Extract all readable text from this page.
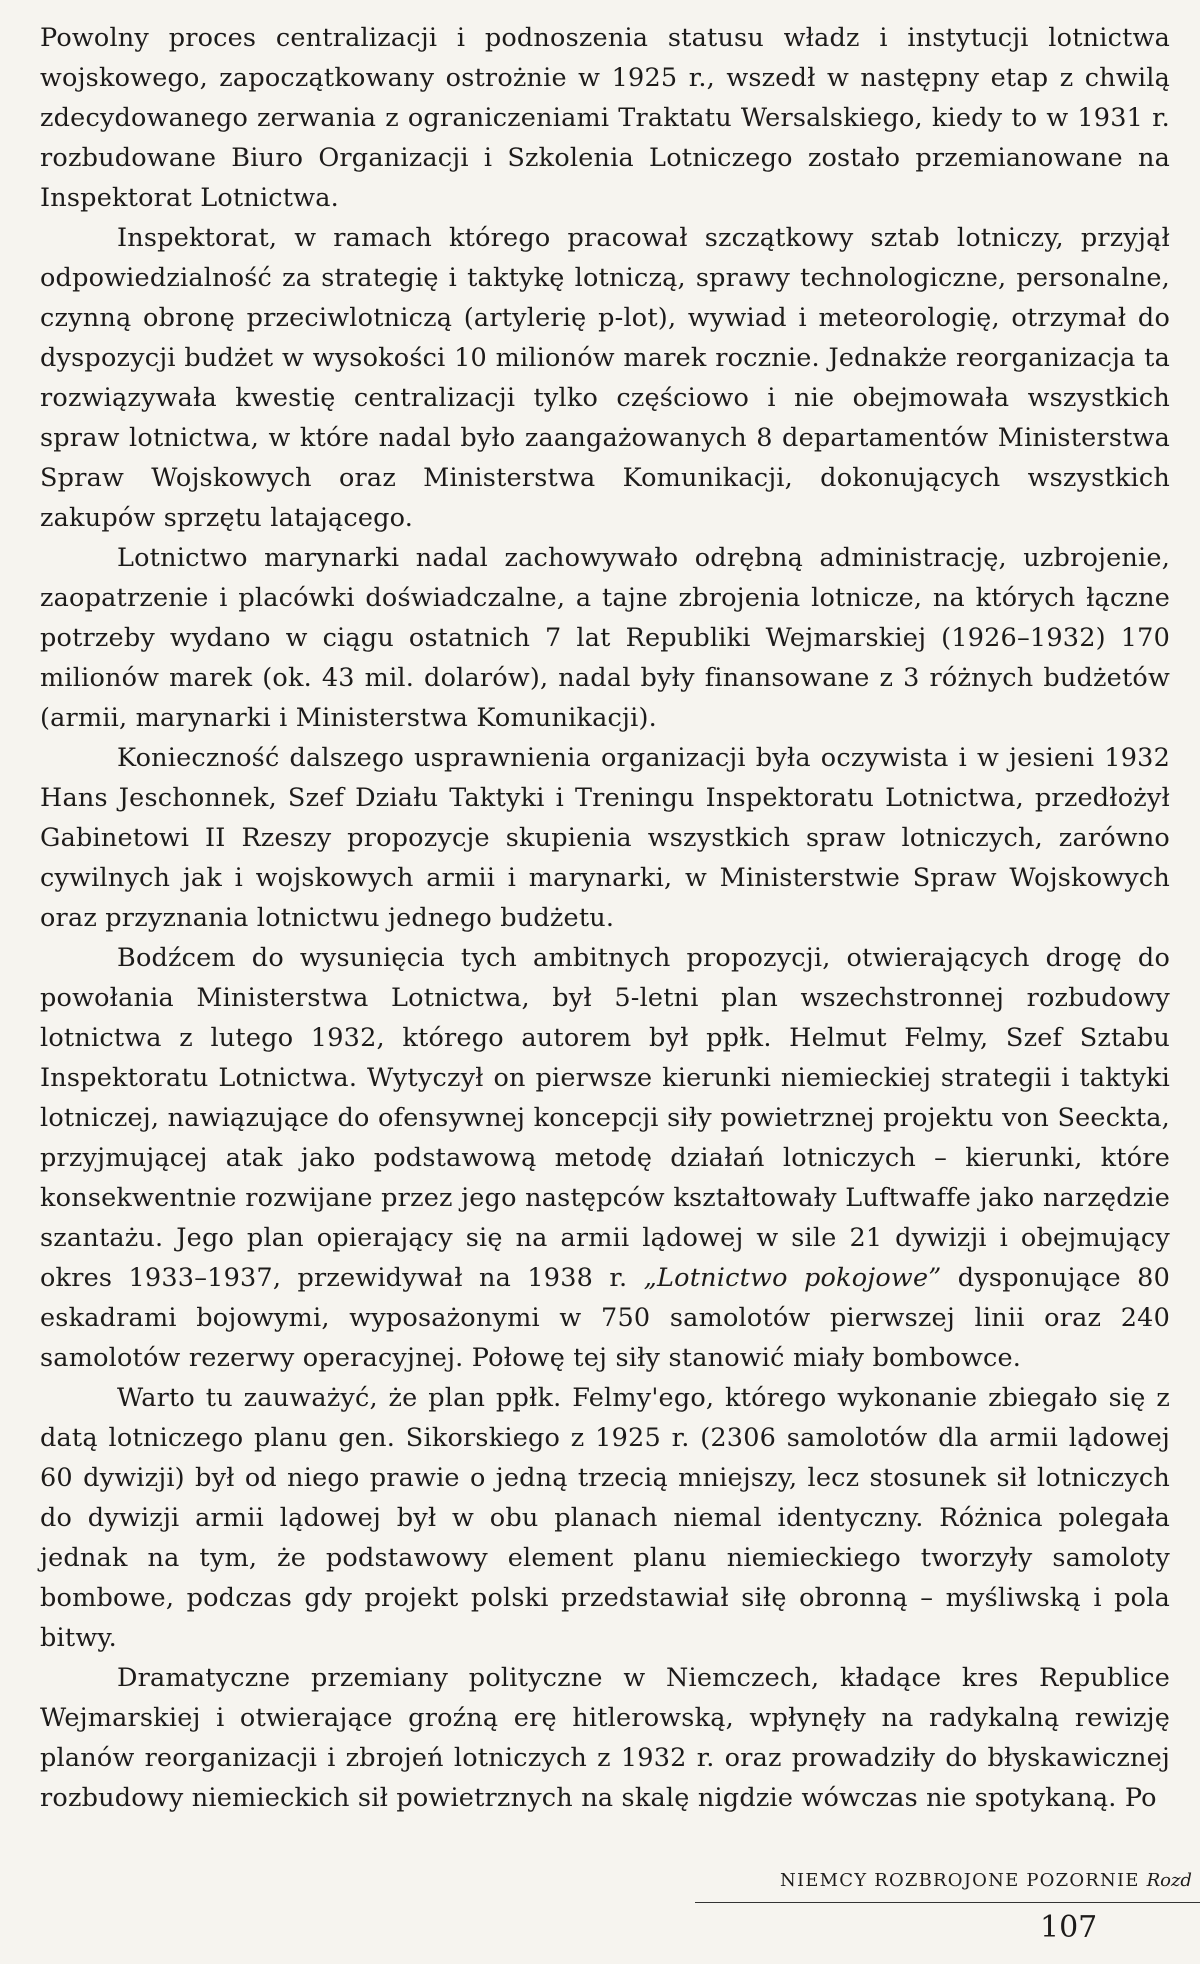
Powolny proces centralizacji i podnoszenia statusu władz i instytucji lotnictwa wojskowego, zapoczątkowany ostrożnie w 1925 r., wszedł w następny etap z chwilą zdecydowanego zerwania z ograniczeniami Traktatu Wersalskiego, kiedy to w 1931 r. rozbudowane Biuro Organizacji i Szkolenia Lotniczego zostało przemianowane na Inspektorat Lotnictwa.

Inspektorat, w ramach którego pracował szczątkowy sztab lotniczy, przyjął odpowiedzialność za strategię i taktykę lotniczą, sprawy technologiczne, personalne, czynną obronę przeciwlotniczą (artylerię p-lot), wywiad i meteorologię, otrzymał do dyspozycji budżet w wysokości 10 milionów marek rocznie. Jednakże reorganizacja ta rozwiązywała kwestię centralizacji tylko częściowo i nie obejmowała wszystkich spraw lotnictwa, w które nadal było zaangażowanych 8 departamentów Ministerstwa Spraw Wojskowych oraz Ministerstwa Komunikacji, dokonujących wszystkich zakupów sprzętu latającego.

Lotnictwo marynarki nadal zachowywało odrębną administrację, uzbrojenie, zaopatrzenie i placówki doświadczalne, a tajne zbrojenia lotnicze, na których łączne potrzeby wydano w ciągu ostatnich 7 lat Republiki Wejmarskiej (1926–1932) 170 milionów marek (ok. 43 mil. dolarów), nadal były finansowane z 3 różnych budżetów (armii, marynarki i Ministerstwa Komunikacji).

Konieczność dalszego usprawnienia organizacji była oczywista i w jesieni 1932 Hans Jeschonnek, Szef Działu Taktyki i Treningu Inspektoratu Lotnictwa, przedłożył Gabinetowi II Rzeszy propozycje skupienia wszystkich spraw lotniczych, zarówno cywilnych jak i wojskowych armii i marynarki, w Ministerstwie Spraw Wojskowych oraz przyznania lotnictwu jednego budżetu.

Bodźcem do wysunięcia tych ambitnych propozycji, otwierających drogę do powołania Ministerstwa Lotnictwa, był 5-letni plan wszechstronnej rozbudowy lotnictwa z lutego 1932, którego autorem był ppłk. Helmut Felmy, Szef Sztabu Inspektoratu Lotnictwa. Wytyczył on pierwsze kierunki niemieckiej strategii i taktyki lotniczej, nawiązujące do ofensywnej koncepcji siły powietrznej projektu von Seeckta, przyjmującej atak jako podstawową metodę działań lotniczych – kierunki, które konsekwentnie rozwijane przez jego następców kształtowały Luftwaffe jako narzędzie szantażu. Jego plan opierający się na armii lądowej w sile 21 dywizji i obejmujący okres 1933–1937, przewidywał na 1938 r. „Lotnictwo pokojowe” dysponujące 80 eskadrami bojowymi, wyposażonymi w 750 samolotów pierwszej linii oraz 240 samolotów rezerwy operacyjnej. Połowę tej siły stanowić miały bombowce.

Warto tu zauważyć, że plan ppłk. Felmy'ego, którego wykonanie zbiegało się z datą lotniczego planu gen. Sikorskiego z 1925 r. (2306 samolotów dla armii lądowej 60 dywizji) był od niego prawie o jedną trzecią mniejszy, lecz stosunek sił lotniczych do dywizji armii lądowej był w obu planach niemal identyczny. Różnica polegała jednak na tym, że podstawowy element planu niemieckiego tworzyły samoloty bombowe, podczas gdy projekt polski przedstawiał siłę obronną – myśliwską i pola bitwy.

Dramatyczne przemiany polityczne w Niemczech, kładące kres Republice Wejmarskiej i otwierające groźną erę hitlerowską, wpłynęły na radykalną rewizję planów reorganizacji i zbrojeń lotniczych z 1932 r. oraz prowadziły do błyskawicznej rozbudowy niemieckich sił powietrznych na skalę nigdzie wówczas nie spotykaną. Po

NIEMCY ROZBROJONE POZORNIE Rozd
107
